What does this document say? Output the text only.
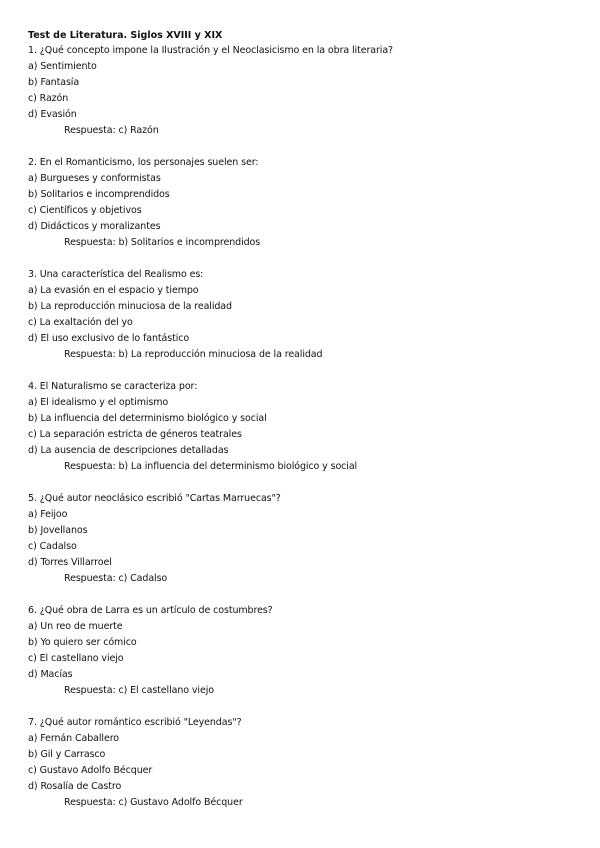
Test de Literatura. Siglos XVIII y XIX
1. ¿Qué concepto impone la Ilustración y el Neoclasicismo en la obra literaria?
a) Sentimiento
b) Fantasía
c) Razón
d) Evasión
Respuesta: c) Razón
2. En el Romanticismo, los personajes suelen ser:
a) Burgueses y conformistas
b) Solitarios e incomprendidos
c) Científicos y objetivos
d) Didácticos y moralizantes
Respuesta: b) Solitarios e incomprendidos
3. Una característica del Realismo es:
a) La evasión en el espacio y tiempo
b) La reproducción minuciosa de la realidad
c) La exaltación del yo
d) El uso exclusivo de lo fantástico
Respuesta: b) La reproducción minuciosa de la realidad
4. El Naturalismo se caracteriza por:
a) El idealismo y el optimismo
b) La influencia del determinismo biológico y social
c) La separación estricta de géneros teatrales
d) La ausencia de descripciones detalladas
Respuesta: b) La influencia del determinismo biológico y social
5. ¿Qué autor neoclásico escribió "Cartas Marruecas"?
a) Feijoo
b) Jovellanos
c) Cadalso
d) Torres Villarroel
Respuesta: c) Cadalso
6. ¿Qué obra de Larra es un artículo de costumbres?
a) Un reo de muerte
b) Yo quiero ser cómico
c) El castellano viejo
d) Macías
Respuesta: c) El castellano viejo
7. ¿Qué autor romántico escribió "Leyendas"?
a) Fernán Caballero
b) Gil y Carrasco
c) Gustavo Adolfo Bécquer
d) Rosalía de Castro
Respuesta: c) Gustavo Adolfo Bécquer
